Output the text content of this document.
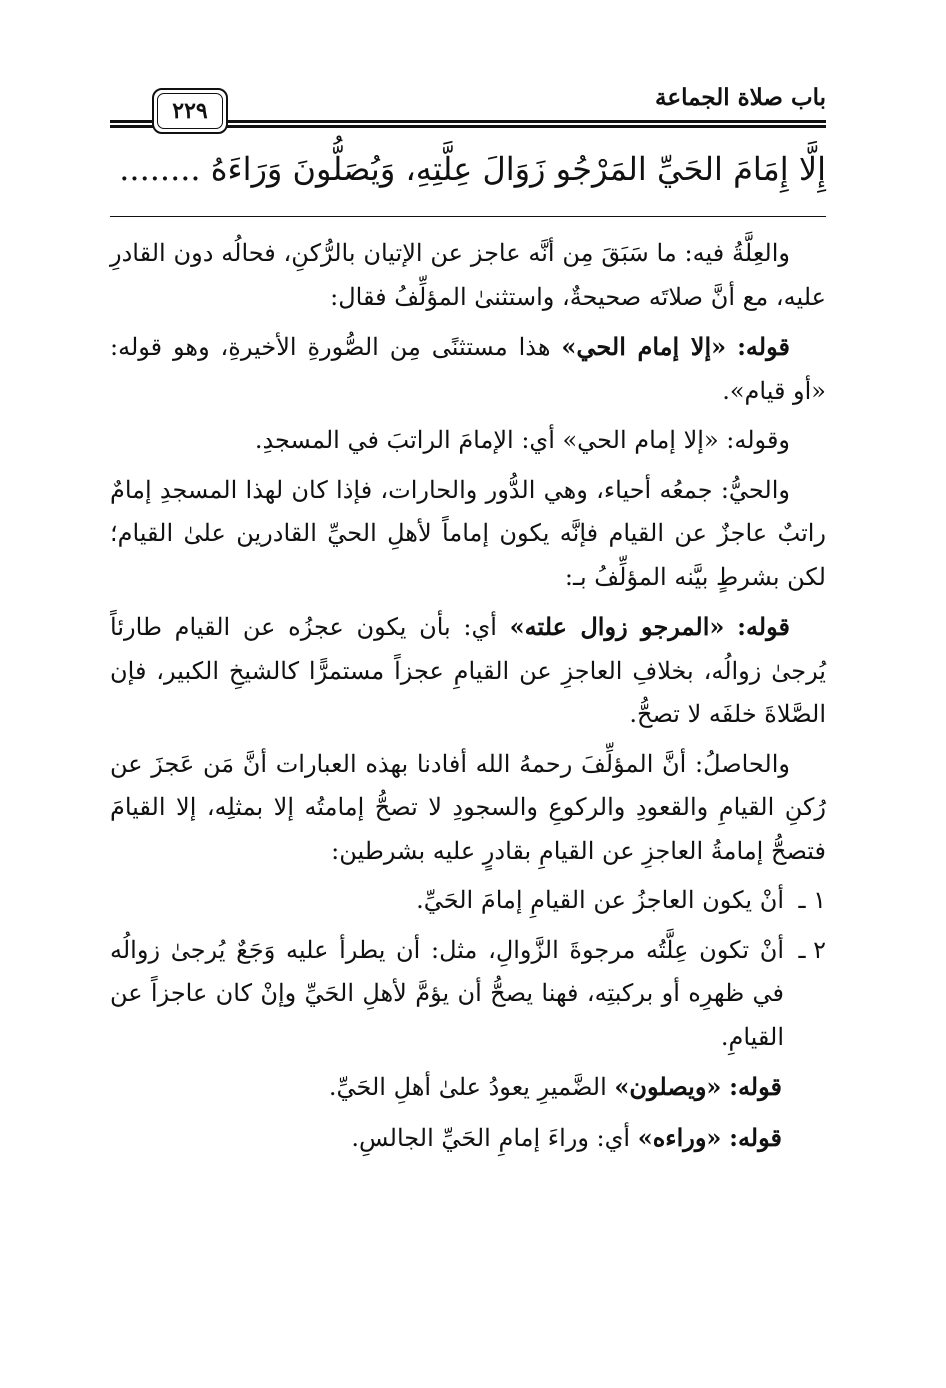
٢٢٩	باب صلاة الجماعة
إِلَّا إِمَامَ الحَيِّ المَرْجُو زَوَالَ عِلَّتِهِ، وَيُصَلُّونَ وَرَاءَهُ ........

والعِلَّةُ فيه: ما سَبَقَ مِن أنَّه عاجز عن الإتيان بالرُّكنِ، فحالُه دون القادرِ عليه، مع أنَّ صلاتَه صحيحةٌ، واستثنىٰ المؤلِّفُ فقال:

قوله: «إلا إمام الحي» هذا مستثنًى مِن الصُّورةِ الأخيرةِ، وهو قوله: «أو قيام».

وقوله: «إلا إمام الحي» أي: الإمامَ الراتبَ في المسجدِ.

والحيُّ: جمعُه أحياء، وهي الدُّور والحارات، فإذا كان لهذا المسجدِ إمامٌ راتبٌ عاجزٌ عن القيام فإنَّه يكون إماماً لأهلِ الحيِّ القادرين علىٰ القيام؛ لكن بشرطٍ بيَّنه المؤلِّفُ بـ:

قوله: «المرجو زوال علته» أي: بأن يكون عجزُه عن القيام طارئاً يُرجىٰ زوالُه، بخلافِ العاجزِ عن القيامِ عجزاً مستمرًّا كالشيخِ الكبير، فإن الصَّلاةَ خلفَه لا تصحُّ.

والحاصلُ: أنَّ المؤلِّفَ رحمهُ الله أفادنا بهذه العبارات أنَّ مَن عَجزَ عن رُكنِ القيامِ والقعودِ والركوعِ والسجودِ لا تصحُّ إمامتُه إلا بمثلِه، إلا القيامَ فتصحُّ إمامةُ العاجزِ عن القيامِ بقادرٍ عليه بشرطين:

١ ـ
أنْ يكون العاجزُ عن القيامِ إمامَ الحَيِّ.
٢ ـ
أنْ تكون عِلَّتُه مرجوةَ الزَّوالِ، مثل: أن يطرأ عليه وَجَعٌ يُرجىٰ زوالُه في ظهرِه أو بركبتِه، فهنا يصحُّ أن يؤمَّ لأهلِ الحَيِّ وإنْ كان عاجزاً عن القيامِ.

قوله: «ويصلون» الضَّميرِ يعودُ علىٰ أهلِ الحَيِّ.

قوله: «وراءه» أي: وراءَ إمامِ الحَيِّ الجالسِ.
